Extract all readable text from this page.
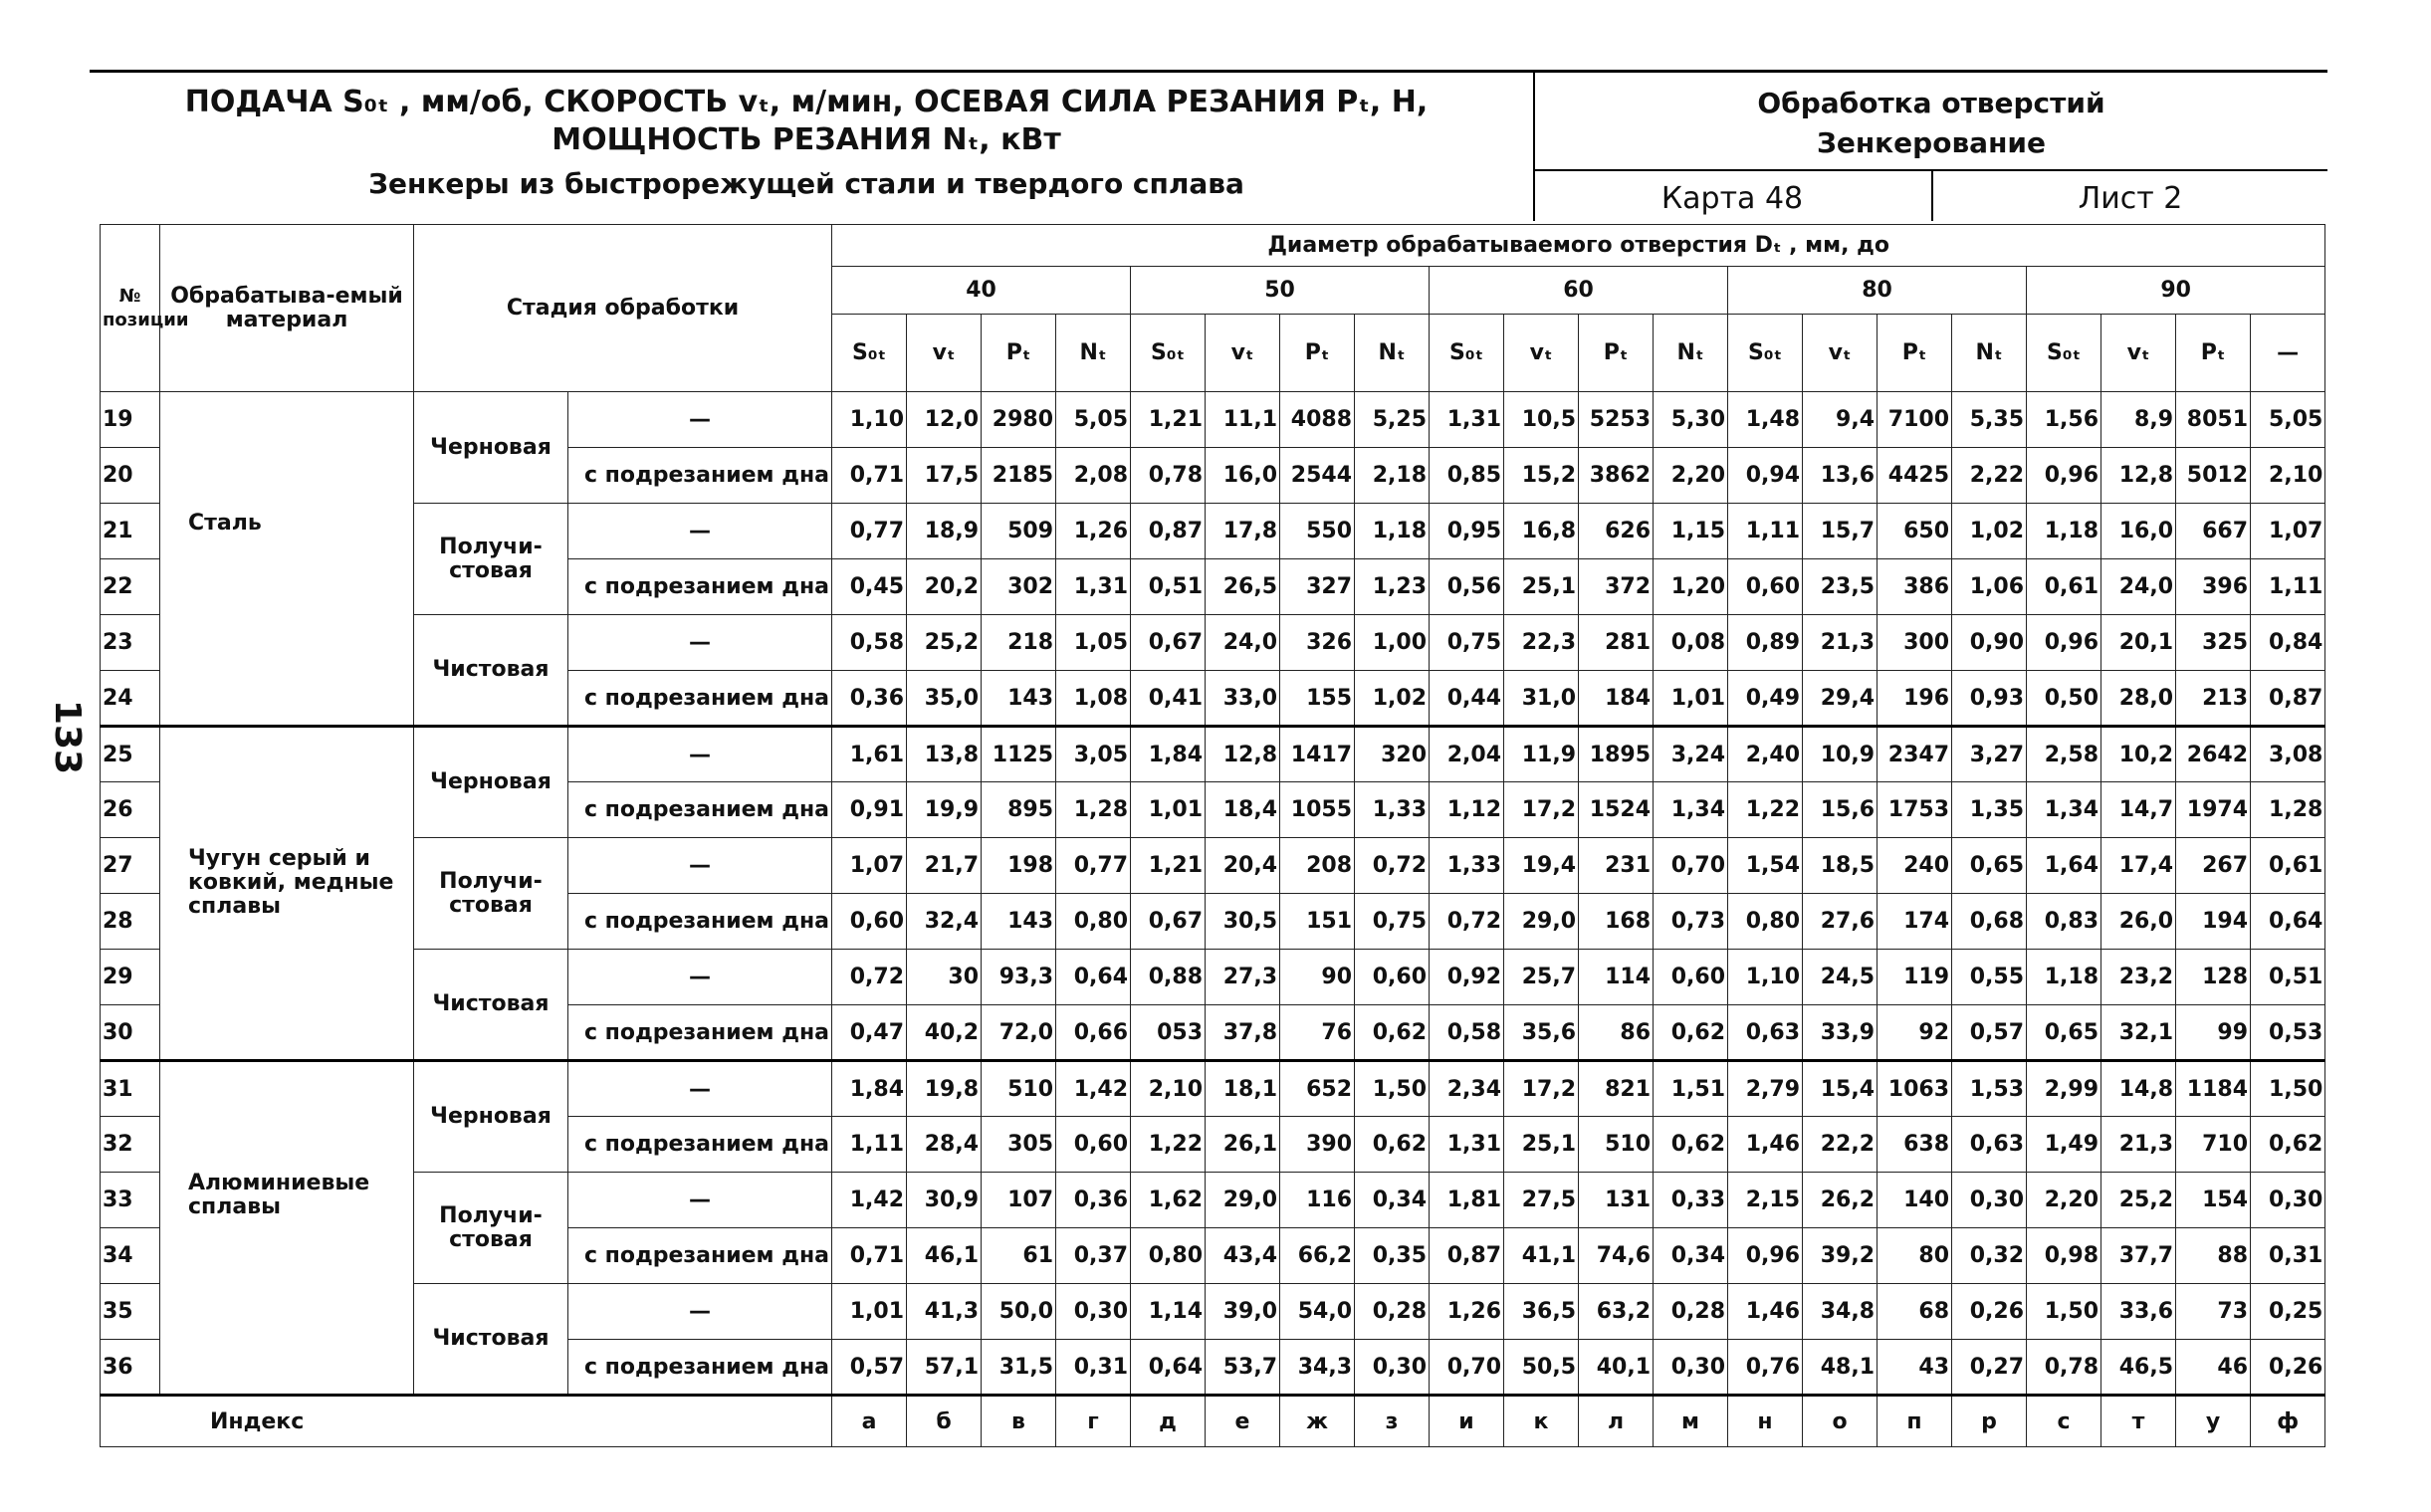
133
ПОДАЧА S₀ₜ , мм/об, СКОРОСТЬ vₜ, м/мин, ОСЕВАЯ СИЛА РЕЗАНИЯ Pₜ, Н,
МОЩНОСТЬ РЕЗАНИЯ Nₜ, кВт
Зенкеры из быстрорежущей стали и твердого сплава
Обработка отверстий
Зенкерование
Карта 48	Лист 2
№ позиции	Обрабатыва-емый материал	Стадия обработки		Диаметр обрабатываемого отверстия Dₜ , мм, до																			
				40				50				60				80				90			
				S₀ₜ	vₜ	Pₜ	Nₜ	S₀ₜ	vₜ	Pₜ	Nₜ	S₀ₜ	vₜ	Pₜ	Nₜ	S₀ₜ	vₜ	Pₜ	Nₜ	S₀ₜ	vₜ	Pₜ	—
19	Сталь	Черновая	—	1,10	12,0	2980	5,05	1,21	11,1	4088	5,25	1,31	10,5	5253	5,30	1,48	9,4	7100	5,35	1,56	8,9	8051	5,05
20			с подрезанием дна	0,71	17,5	2185	2,08	0,78	16,0	2544	2,18	0,85	15,2	3862	2,20	0,94	13,6	4425	2,22	0,96	12,8	5012	2,10
21		Получи-стовая	—	0,77	18,9	509	1,26	0,87	17,8	550	1,18	0,95	16,8	626	1,15	1,11	15,7	650	1,02	1,18	16,0	667	1,07
22			с подрезанием дна	0,45	20,2	302	1,31	0,51	26,5	327	1,23	0,56	25,1	372	1,20	0,60	23,5	386	1,06	0,61	24,0	396	1,11
23		Чистовая	—	0,58	25,2	218	1,05	0,67	24,0	326	1,00	0,75	22,3	281	0,08	0,89	21,3	300	0,90	0,96	20,1	325	0,84
24			с подрезанием дна	0,36	35,0	143	1,08	0,41	33,0	155	1,02	0,44	31,0	184	1,01	0,49	29,4	196	0,93	0,50	28,0	213	0,87
25	Чугун серый и ковкий, медные сплавы	Черновая	—	1,61	13,8	1125	3,05	1,84	12,8	1417	320	2,04	11,9	1895	3,24	2,40	10,9	2347	3,27	2,58	10,2	2642	3,08
26			с подрезанием дна	0,91	19,9	895	1,28	1,01	18,4	1055	1,33	1,12	17,2	1524	1,34	1,22	15,6	1753	1,35	1,34	14,7	1974	1,28
27		Получи-стовая	—	1,07	21,7	198	0,77	1,21	20,4	208	0,72	1,33	19,4	231	0,70	1,54	18,5	240	0,65	1,64	17,4	267	0,61
28			с подрезанием дна	0,60	32,4	143	0,80	0,67	30,5	151	0,75	0,72	29,0	168	0,73	0,80	27,6	174	0,68	0,83	26,0	194	0,64
29		Чистовая	—	0,72	30	93,3	0,64	0,88	27,3	90	0,60	0,92	25,7	114	0,60	1,10	24,5	119	0,55	1,18	23,2	128	0,51
30			с подрезанием дна	0,47	40,2	72,0	0,66	053	37,8	76	0,62	0,58	35,6	86	0,62	0,63	33,9	92	0,57	0,65	32,1	99	0,53
31	Алюминиевые сплавы	Черновая	—	1,84	19,8	510	1,42	2,10	18,1	652	1,50	2,34	17,2	821	1,51	2,79	15,4	1063	1,53	2,99	14,8	1184	1,50
32			с подрезанием дна	1,11	28,4	305	0,60	1,22	26,1	390	0,62	1,31	25,1	510	0,62	1,46	22,2	638	0,63	1,49	21,3	710	0,62
33		Получи-стовая	—	1,42	30,9	107	0,36	1,62	29,0	116	0,34	1,81	27,5	131	0,33	2,15	26,2	140	0,30	2,20	25,2	154	0,30
34			с подрезанием дна	0,71	46,1	61	0,37	0,80	43,4	66,2	0,35	0,87	41,1	74,6	0,34	0,96	39,2	80	0,32	0,98	37,7	88	0,31
35		Чистовая	—	1,01	41,3	50,0	0,30	1,14	39,0	54,0	0,28	1,26	36,5	63,2	0,28	1,46	34,8	68	0,26	1,50	33,6	73	0,25
36			с подрезанием дна	0,57	57,1	31,5	0,31	0,64	53,7	34,3	0,30	0,70	50,5	40,1	0,30	0,76	48,1	43	0,27	0,78	46,5	46	0,26
Индекс				а	б	в	г	д	е	ж	з	и	к	л	м	н	о	п	р	с	т	у	ф
